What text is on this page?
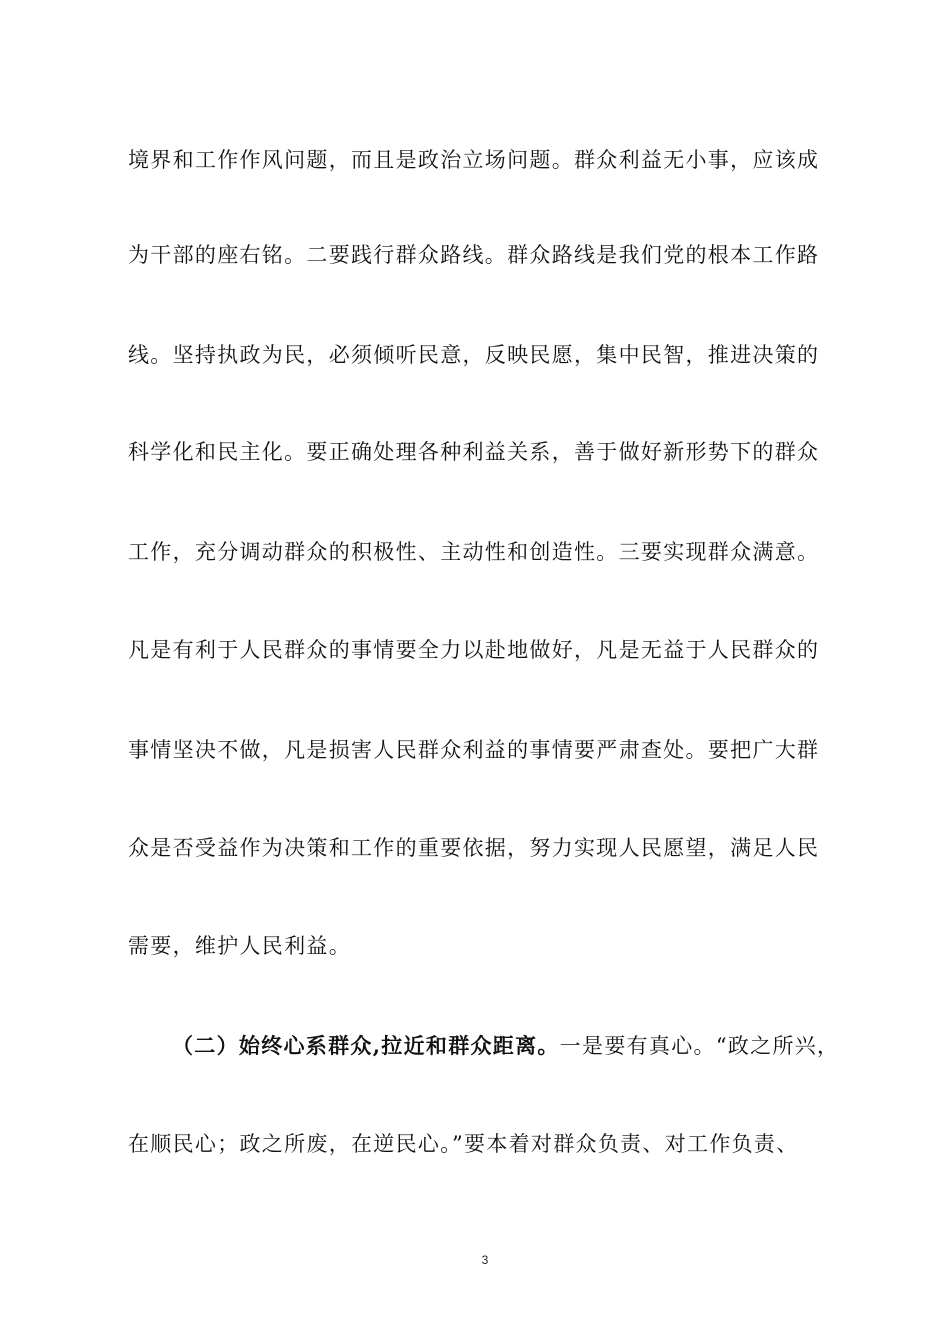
境界和工作作风问题，而且是政治立场问题。群众利益无小事，应该成
为干部的座右铭。二要践行群众路线。群众路线是我们党的根本工作路
线。坚持执政为民，必须倾听民意，反映民愿，集中民智，推进决策的
科学化和民主化。要正确处理各种利益关系，善于做好新形势下的群众
工作，充分调动群众的积极性、主动性和创造性。三要实现群众满意。
凡是有利于人民群众的事情要全力以赴地做好，凡是无益于人民群众的
事情坚决不做，凡是损害人民群众利益的事情要严肃查处。要把广大群
众是否受益作为决策和工作的重要依据，努力实现人民愿望，满足人民
需要，维护人民利益。
（二）始终心系群众,拉近和群众距离。一是要有真心。“政之所兴，
在顺民心；政之所废，在逆民心。”要本着对群众负责、对工作负责、
3
